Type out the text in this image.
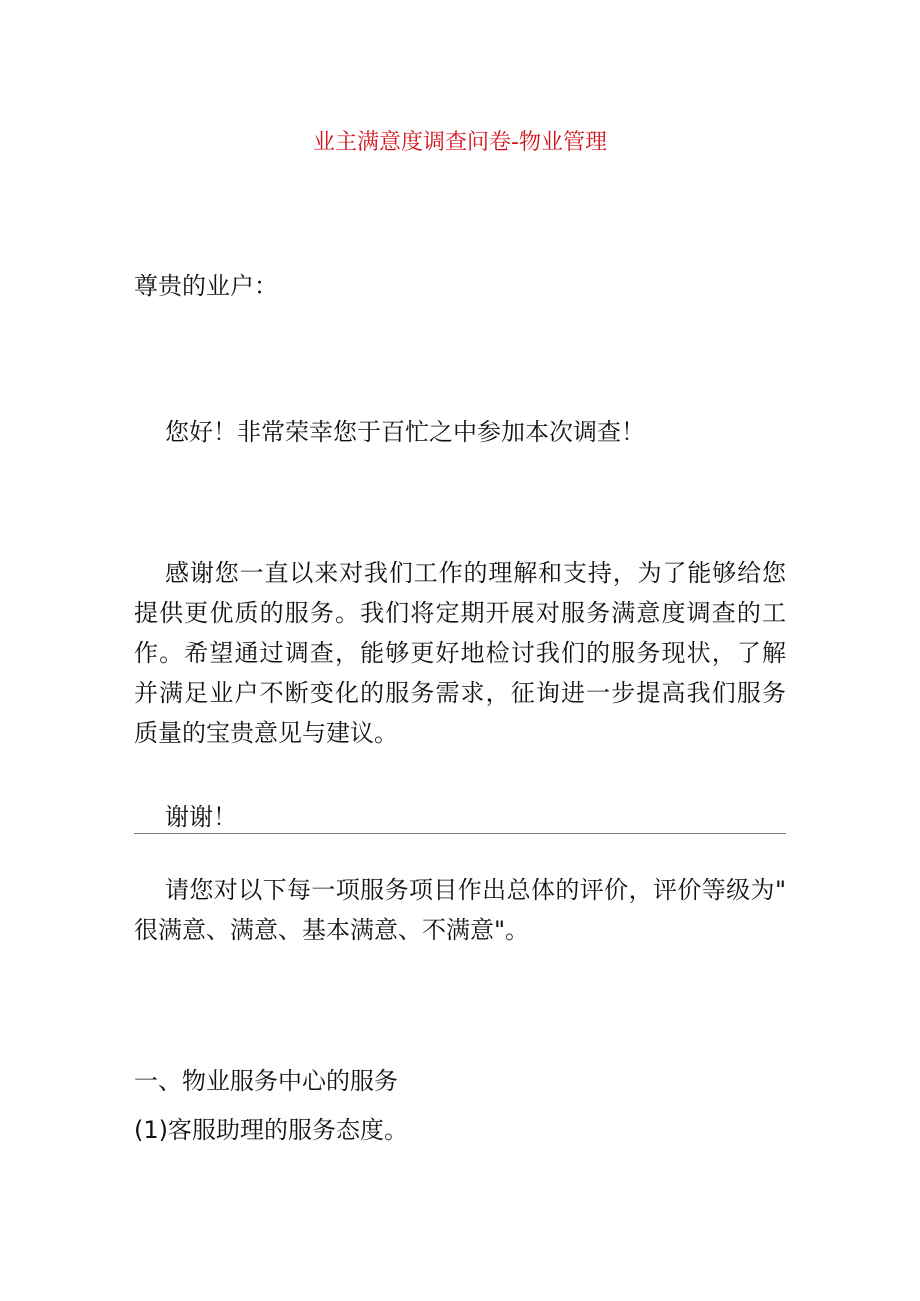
业主满意度调查问卷-物业管理
尊贵的业户：
您好！非常荣幸您于百忙之中参加本次调查！
感谢您一直以来对我们工作的理解和支持，为了能够给您
提供更优质的服务。我们将定期开展对服务满意度调查的工
作。希望通过调查，能够更好地检讨我们的服务现状，了解
并满足业户不断变化的服务需求，征询进一步提高我们服务
质量的宝贵意见与建议。
谢谢！
请您对以下每一项服务项目作出总体的评价，评价等级为"
很满意、满意、基本满意、不满意"。
一、物业服务中心的服务
(1)客服助理的服务态度。
